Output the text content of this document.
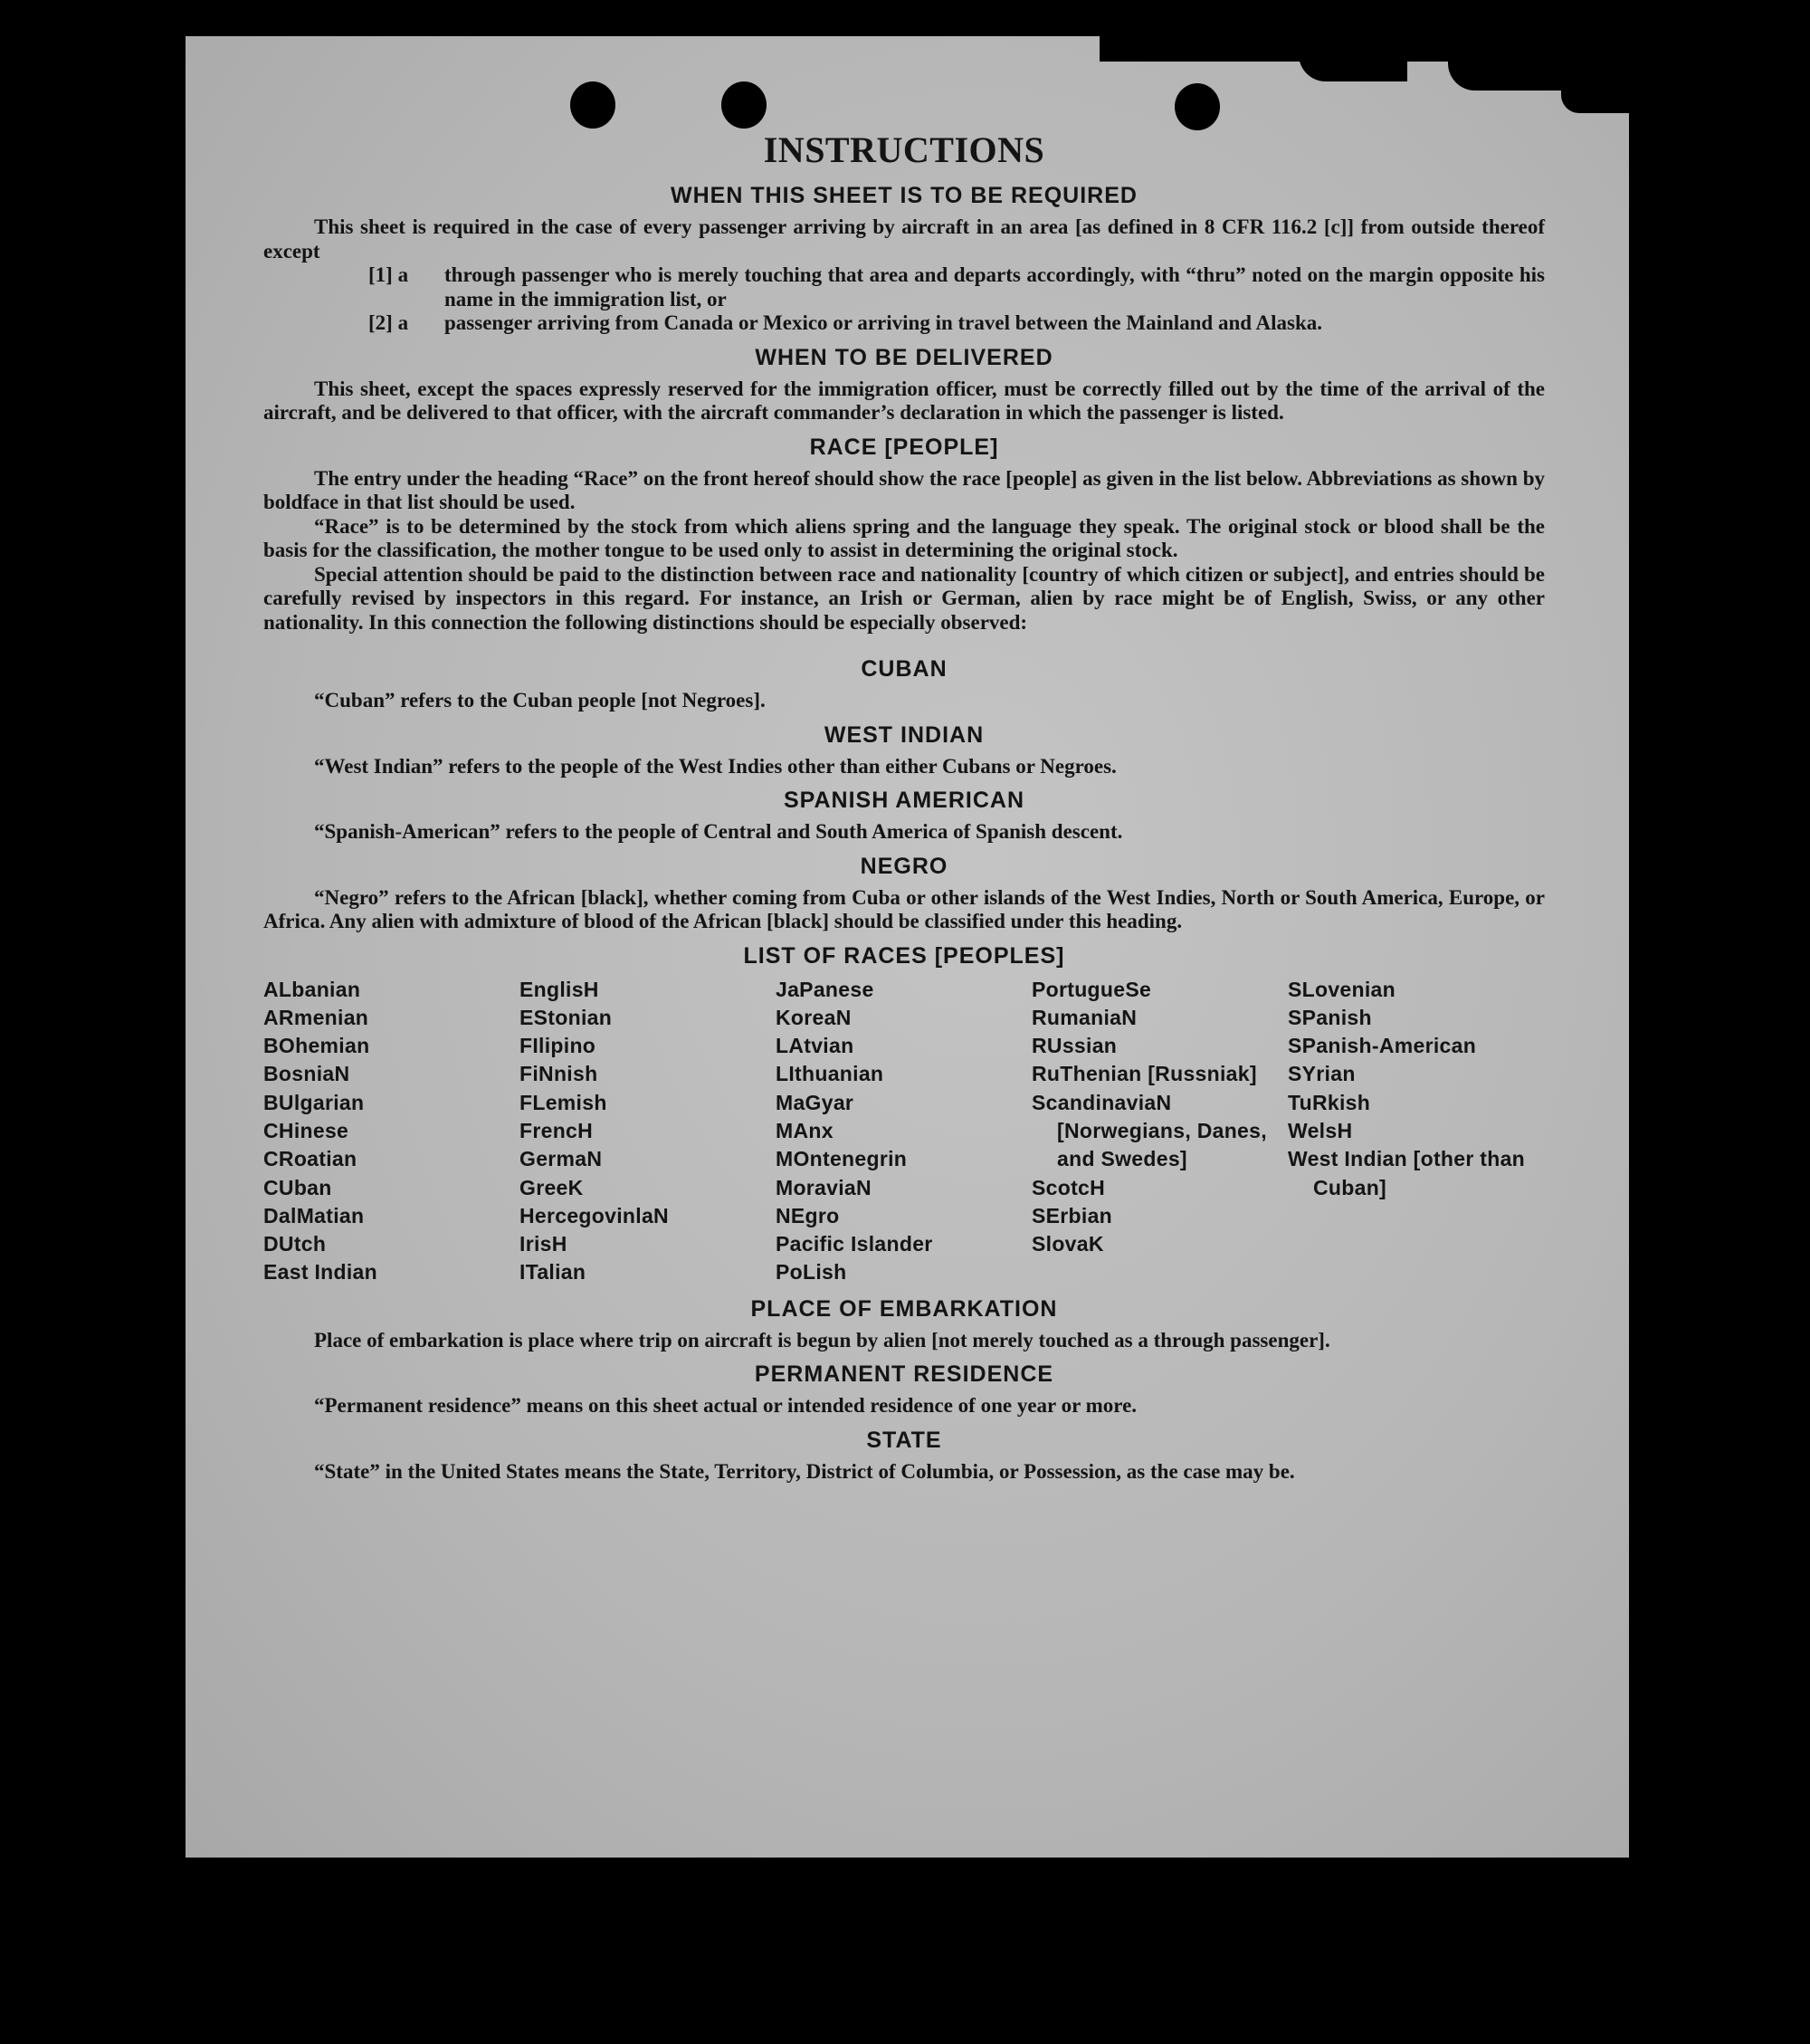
INSTRUCTIONS
WHEN THIS SHEET IS TO BE REQUIRED

This sheet is required in the case of every passenger arriving by aircraft in an area [as defined in 8 CFR 116.2 [c]] from outside thereof except

[1] a	through passenger who is merely touching that area and departs accordingly, with “thru” noted on the margin opposite his name in the immigration list, or
[2] a	passenger arriving from Canada or Mexico or arriving in travel between the Mainland and Alaska.
WHEN TO BE DELIVERED

This sheet, except the spaces expressly reserved for the immigration officer, must be correctly filled out by the time of the arrival of the aircraft, and be delivered to that officer, with the aircraft commander’s declaration in which the passenger is listed.

RACE [PEOPLE]

The entry under the heading “Race” on the front hereof should show the race [people] as given in the list below. Abbreviations as shown by boldface in that list should be used.

“Race” is to be determined by the stock from which aliens spring and the language they speak. The original stock or blood shall be the basis for the classification, the mother tongue to be used only to assist in determining the original stock.

Special attention should be paid to the distinction between race and nationality [country of which citizen or subject], and entries should be carefully revised by inspectors in this regard. For instance, an Irish or German, alien by race might be of English, Swiss, or any other nationality. In this connection the following distinctions should be especially observed:

CUBAN

“Cuban” refers to the Cuban people [not Negroes].

WEST INDIAN

“West Indian” refers to the people of the West Indies other than either Cubans or Negroes.

SPANISH AMERICAN

“Spanish-American” refers to the people of Central and South America of Spanish descent.

NEGRO

“Negro” refers to the African [black], whether coming from Cuba or other islands of the West Indies, North or South America, Europe, or Africa. Any alien with admixture of blood of the African [black] should be classified under this heading.

LIST OF RACES [PEOPLES]
ALbanian
ARmenian
BOhemian
BosniaN
BUlgarian
CHinese
CRoatian
CUban
DalMatian
DUtch
East Indian
EnglisH
EStonian
FIlipino
FiNnish
FLemish
FrencH
GermaN
GreeK
HercegovinlaN
IrisH
ITalian
JaPanese
KoreaN
LAtvian
LIthuanian
MaGyar
MAnx
MOntenegrin
MoraviaN
NEgro
Pacific Islander
PoLish
PortugueSe
RumaniaN
RUssian
RuThenian [Russniak]
ScandinaviaN [Norwegians, Danes, and Swedes]
ScotcH
SErbian
SlovaK
SLovenian
SPanish
SPanish-American
SYrian
TuRkish
WelsH
West Indian [other than Cuban]
PLACE OF EMBARKATION

Place of embarkation is place where trip on aircraft is begun by alien [not merely touched as a through passenger].

PERMANENT RESIDENCE

“Permanent residence” means on this sheet actual or intended residence of one year or more.

STATE

“State” in the United States means the State, Territory, District of Columbia, or Possession, as the case may be.
